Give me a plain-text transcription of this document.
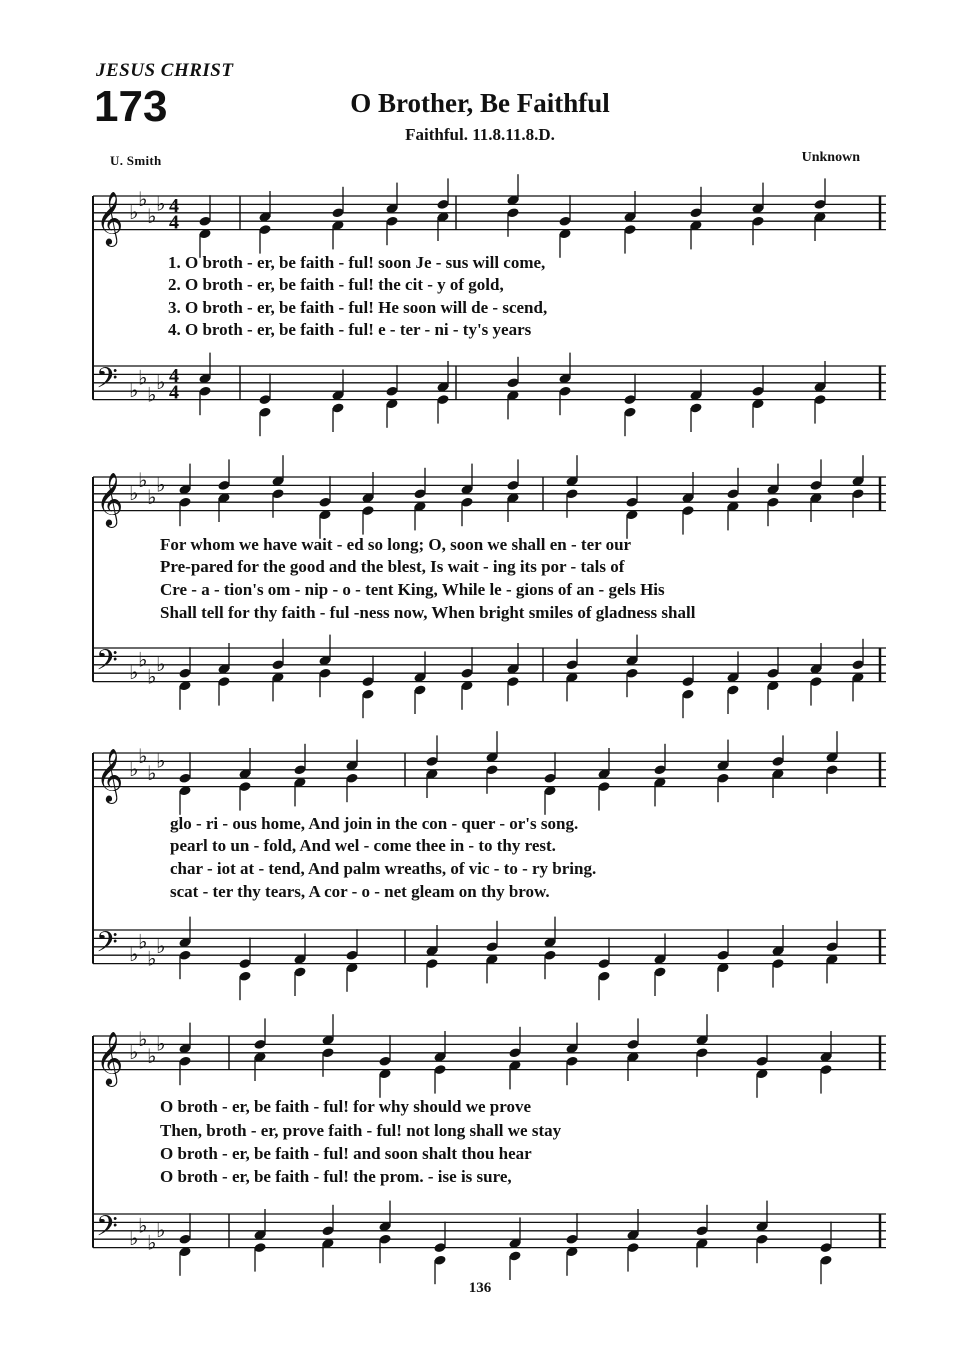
JESUS CHRIST
173	O Brother, Be Faithful
Faithful. 11.8.11.8.D.
U. Smith	Unknown
𝄞 ♭
♭
♭
♭ 4
4
𝄢 ♭
♭
♭
♭ 4
4
𝄞 ♭
♭
♭
♭
𝄢 ♭
♭
♭
♭
𝄞 ♭
♭
♭
♭
𝄢 ♭
♭
♭
♭
𝄞 ♭
♭
♭
♭
𝄢 ♭
♭
♭
♭
1. O broth - er, be faith - ful! soon Je - sus will come,
2. O broth - er, be faith - ful! the cit - y of gold,
3. O broth - er, be faith - ful! He soon will de - scend,
4. O broth - er, be faith - ful! e - ter - ni - ty's years
For whom we have wait - ed so long; O, soon we shall en - ter our
Pre-pared for the good and the blest, Is wait - ing its por - tals of
Cre - a - tion's om - nip - o - tent King, While le - gions of an - gels His
Shall tell for thy faith - ful -ness now, When bright smiles of gladness shall
glo - ri - ous home, And join in the con - quer - or's song.
pearl to un - fold, And wel - come thee in - to thy rest.
char - iot at - tend, And palm wreaths, of vic - to - ry bring.
scat - ter thy tears, A cor - o - net gleam on thy brow.
O broth - er, be faith - ful! for why should we prove
Then, broth - er, prove faith - ful! not long shall we stay
O broth - er, be faith - ful! and soon shalt thou hear
O broth - er, be faith - ful! the prom. - ise is sure,
136
